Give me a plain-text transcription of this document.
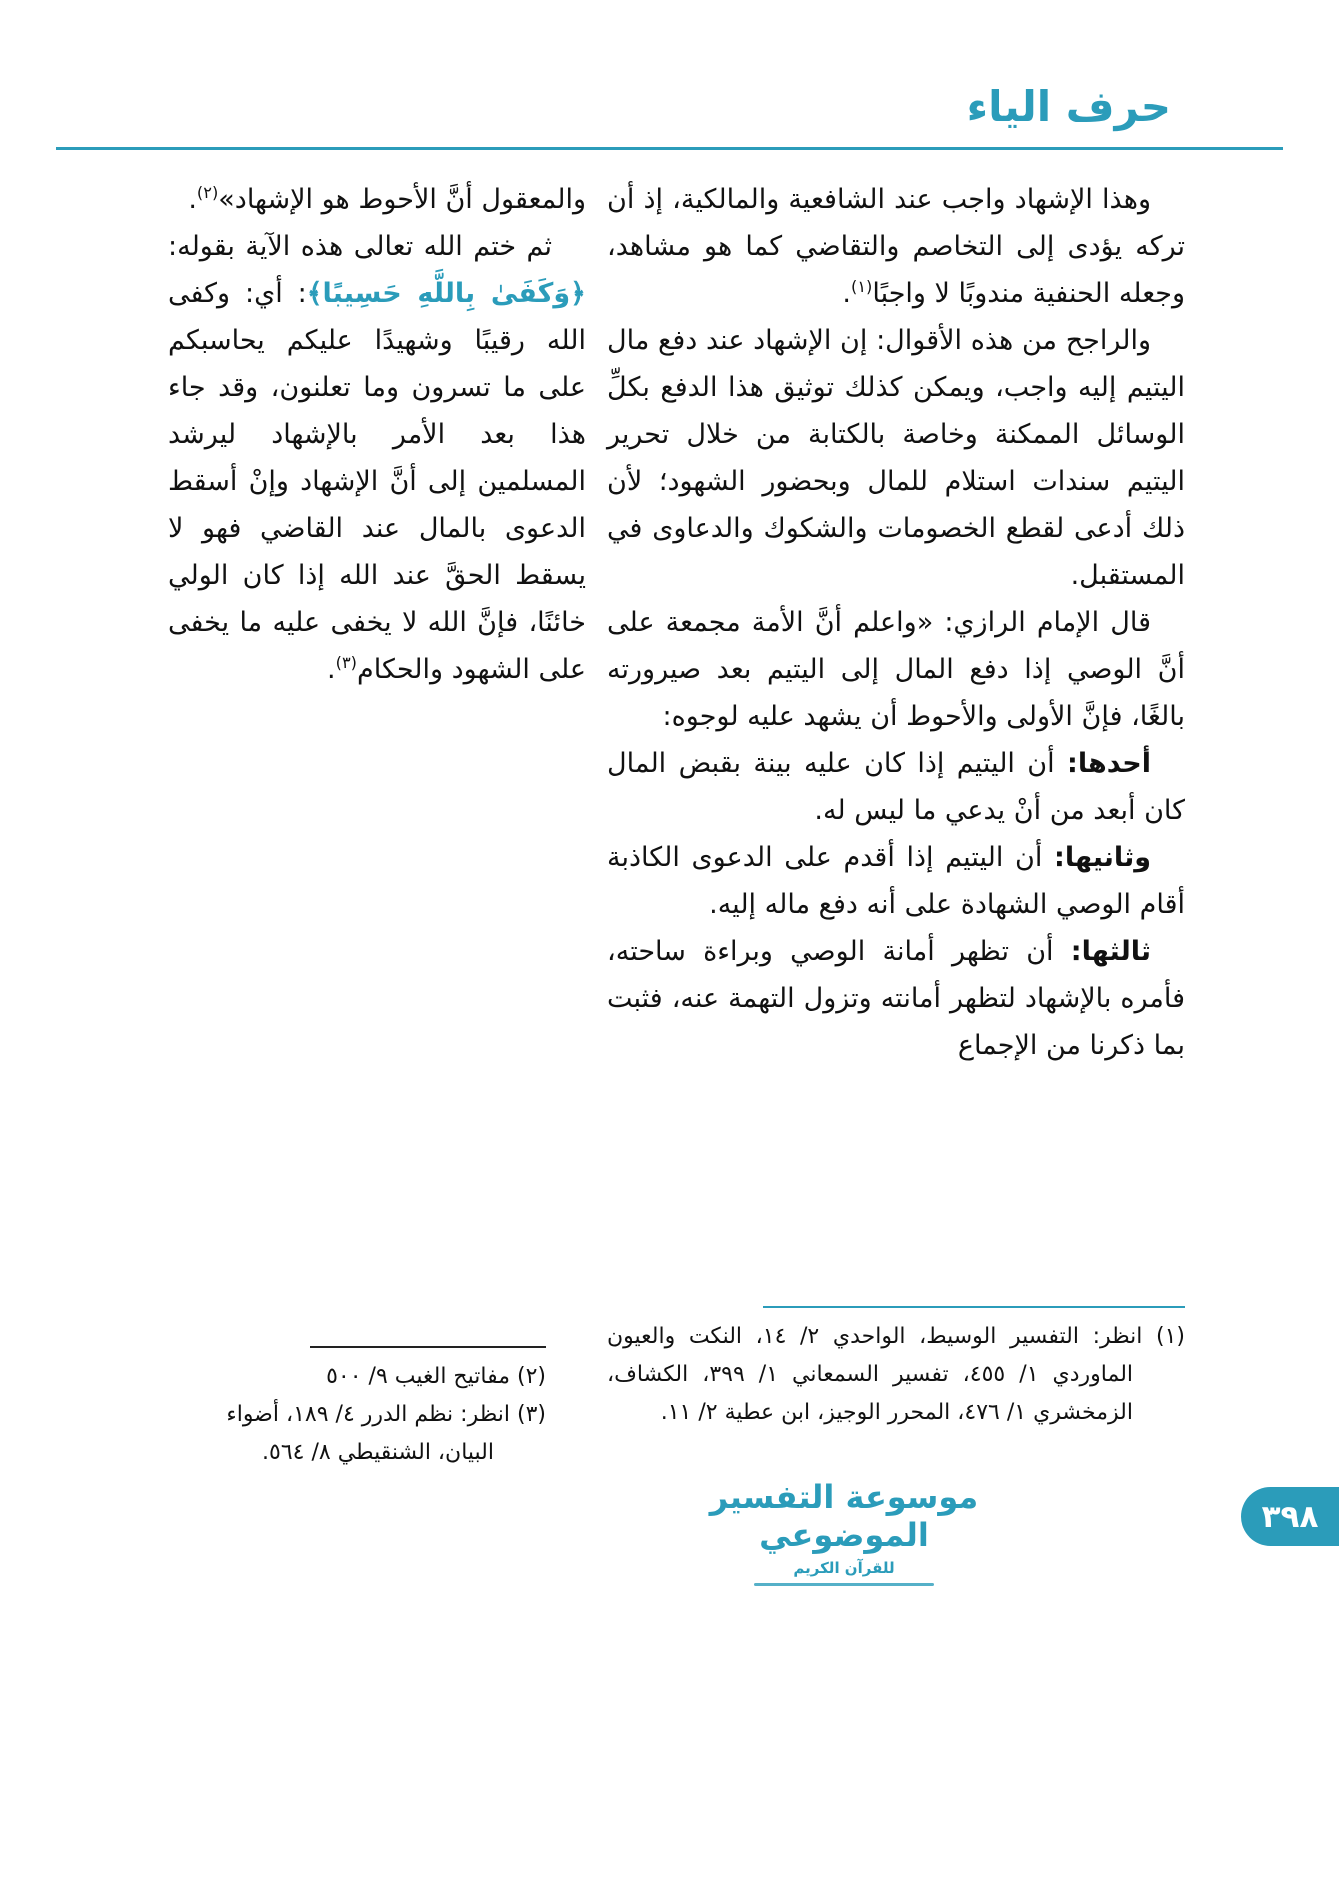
حرف الياء

وهذا الإشهاد واجب عند الشافعية والمالكية، إذ أن تركه يؤدى إلى التخاصم والتقاضي كما هو مشاهد، وجعله الحنفية مندوبًا لا واجبًا$^{(١)}$.

والراجح من هذه الأقوال: إن الإشهاد عند دفع مال اليتيم إليه واجب، ويمكن كذلك توثيق هذا الدفع بكلِّ الوسائل الممكنة وخاصة بالكتابة من خلال تحرير اليتيم سندات استلام للمال وبحضور الشهود؛ لأن ذلك أدعى لقطع الخصومات والشكوك والدعاوى في المستقبل.

قال الإمام الرازي: «واعلم أنَّ الأمة مجمعة على أنَّ الوصي إذا دفع المال إلى اليتيم بعد صيرورته بالغًا، فإنَّ الأولى والأحوط أن يشهد عليه لوجوه:

أحدها: أن اليتيم إذا كان عليه بينة بقبض المال كان أبعد من أنْ يدعي ما ليس له.

وثانيها: أن اليتيم إذا أقدم على الدعوى الكاذبة أقام الوصي الشهادة على أنه دفع ماله إليه.

ثالثها: أن تظهر أمانة الوصي وبراءة ساحته، فأمره بالإشهاد لتظهر أمانته وتزول التهمة عنه، فثبت بما ذكرنا من الإجماع

والمعقول أنَّ الأحوط هو الإشهاد»$^{(٢)}$.

ثم ختم الله تعالى هذه الآية بقوله: ﴿وَكَفَىٰ بِاللَّهِ حَسِيبًا﴾: أي: وكفى الله رقيبًا وشهيدًا عليكم يحاسبكم على ما تسرون وما تعلنون، وقد جاء هذا بعد الأمر بالإشهاد ليرشد المسلمين إلى أنَّ الإشهاد وإنْ أسقط الدعوى بالمال عند القاضي فهو لا يسقط الحقَّ عند الله إذا كان الولي خائنًا، فإنَّ الله لا يخفى عليه ما يخفى على الشهود والحكام$^{(٣)}$.

(١) انظر: التفسير الوسيط، الواحدي ٢/ ١٤، النكت والعيون الماوردي ١/ ٤٥٥، تفسير السمعاني ١/ ٣٩٩، الكشاف، الزمخشري ١/ ٤٧٦، المحرر الوجيز، ابن عطية ٢/ ١١.

(٢) مفاتيح الغيب ٩/ ٥٠٠

(٣) انظر: نظم الدرر ٤/ ١٨٩، أضواء البيان، الشنقيطي ٨/ ٥٦٤.

موسوعة التفسير الموضوعي
للقرآن الكريم
٣٩٨
